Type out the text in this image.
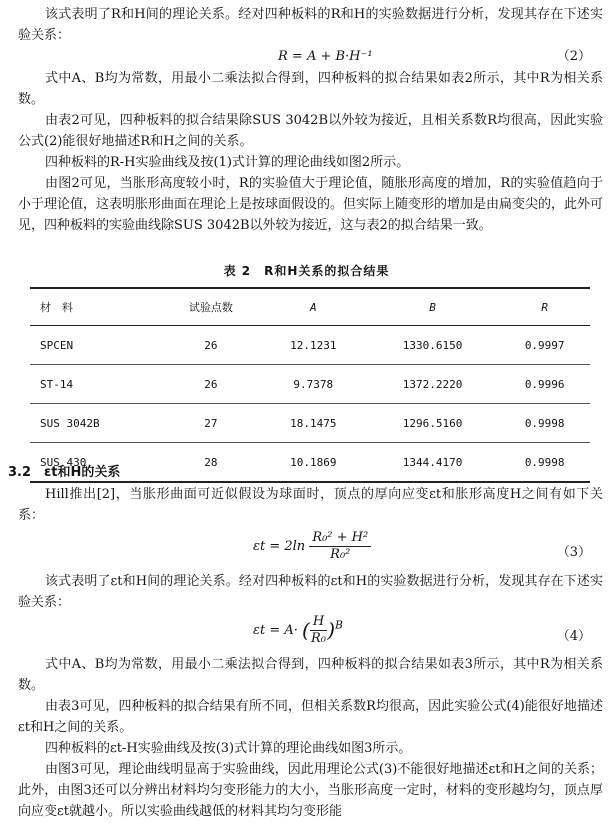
该式表明了R和H间的理论关系。经对四种板料的R和H的实验数据进行分析，发现其存在下述实验关系：

R = A + B·H⁻¹	（2）

式中A、B均为常数，用最小二乘法拟合得到，四种板料的拟合结果如表2所示，其中R为相关系数。

由表2可见，四种板料的拟合结果除SUS 3042B以外较为接近，且相关系数R均很高，因此实验公式(2)能很好地描述R和H之间的关系。

四种板料的R-H实验曲线及按(1)式计算的理论曲线如图2所示。

由图2可见，当胀形高度较小时，R的实验值大于理论值，随胀形高度的增加，R的实验值趋向于小于理论值，这表明胀形曲面在理论上是按球面假设的。但实际上随变形的增加是由扁变尖的，此外可见，四种板料的实验曲线除SUS 3042B以外较为接近，这与表2的拟合结果一致。

表 2　R和H关系的拟合结果
材　料	试验点数	A	B	R
SPCEN	26	12.1231	1330.6150	0.9997
ST-14	26	9.7378	1372.2220	0.9996
SUS 3042B	27	18.1475	1296.5160	0.9998
SUS 430	28	10.1869	1344.4170	0.9998
3.2　εt和H的关系

Hill推出[2]，当胀形曲面可近似假设为球面时，顶点的厚向应变εt和胀形高度H之间有如下关系：

$\varepsilon t = 2\ln \frac{\text{R₀² + H²}}{\text{R₀²}}$	（3）

该式表明了εt和H间的理论关系。经对四种板料的εt和H的实验数据进行分析，发现其存在下述实验关系：

εt = A· ( $\frac{H}{\text{R₀}} )^B$
（4）

式中A、B均为常数，用最小二乘法拟合得到，四种板料的拟合结果如表3所示，其中R为相关系数。

由表3可见，四种板料的拟合结果有所不同，但相关系数R均很高，因此实验公式(4)能很好地描述εt和H之间的关系。

四种板料的εt-H实验曲线及按(3)式计算的理论曲线如图3所示。

由图3可见，理论曲线明显高于实验曲线，因此用理论公式(3)不能很好地描述εt和H之间的关系；此外，由图3还可以分辨出材料均匀变形能力的大小，当胀形高度一定时，材料的变形越均匀，顶点厚向应变εt就越小。所以实验曲线越低的材料其均匀变形能
